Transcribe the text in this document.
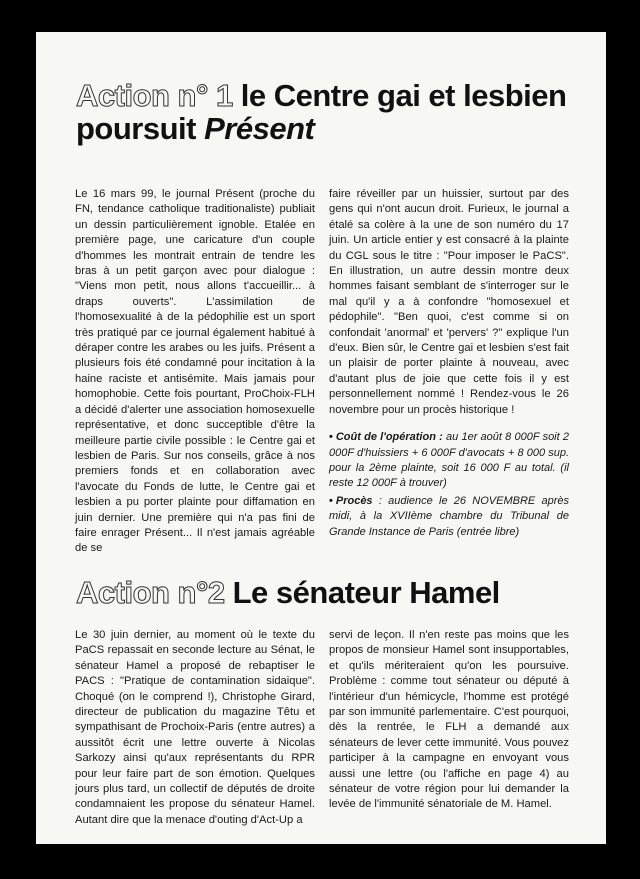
Action n° 1 le Centre gai et lesbien
poursuit Présent

Le 16 mars 99, le journal Présent (proche du FN, tendance catholique traditionaliste) publiait un dessin particulièrement ignoble. Etalée en première page, une caricature d'un couple d'hommes les montrait entrain de tendre les bras à un petit garçon avec pour dialogue : "Viens mon petit, nous allons t'accueillir... à draps ouverts". L'assimilation de l'homosexualité à de la pédophilie est un sport très pratiqué par ce journal également habitué à déraper contre les arabes ou les juifs. Présent a plusieurs fois été condamné pour incitation à la haine raciste et antisémite. Mais jamais pour homophobie. Cette fois pourtant, ProChoix-FLH a décidé d'alerter une association homosexuelle représentative, et donc succeptible d'être la meilleure partie civile possible : le Centre gai et lesbien de Paris. Sur nos conseils, grâce à nos premiers fonds et en collaboration avec l'avocate du Fonds de lutte, le Centre gai et lesbien a pu porter plainte pour diffamation en juin dernier. Une première qui n'a pas fini de faire enrager Présent... Il n'est jamais agréable de se

faire réveiller par un huissier, surtout par des gens qui n'ont aucun droit. Furieux, le journal a étalé sa colère à la une de son numéro du 17 juin. Un article entier y est consacré à la plainte du CGL sous le titre : "Pour imposer le PaCS". En illustration, un autre dessin montre deux hommes faisant semblant de s'interroger sur le mal qu'il y a à confondre "homosexuel et pédophile". "Ben quoi, c'est comme si on confondait 'anormal' et 'pervers' ?" explique l'un d'eux. Bien sûr, le Centre gai et lesbien s'est fait un plaisir de porter plainte à nouveau, avec d'autant plus de joie que cette fois il y est personnellement nommé ! Rendez-vous le 26 novembre pour un procès historique !

• Coût de l'opération : au 1er août 8 000F soit 2 000F d'huissiers + 6 000F d'avocats + 8 000 sup. pour la 2ème plainte, soit 16 000 F au total. (il reste 12 000F à trouver)
• Procès : audience le 26 NOVEMBRE après midi, à la XVIIème chambre du Tribunal de Grande Instance de Paris (entrée libre)
Action n°2 Le sénateur Hamel

Le 30 juin dernier, au moment où le texte du PaCS repassait en seconde lecture au Sénat, le sénateur Hamel a proposé de rebaptiser le PACS : "Pratique de contamination sidaique". Choqué (on le comprend !), Christophe Girard, directeur de publication du magazine Têtu et sympathisant de Prochoix-Paris (entre autres) a aussitôt écrit une lettre ouverte à Nicolas Sarkozy ainsi qu'aux représentants du RPR pour leur faire part de son émotion. Quelques jours plus tard, un collectif de députés de droite condamnaient les propose du sénateur Hamel. Autant dire que la menace d'outing d'Act-Up a

servi de leçon. Il n'en reste pas moins que les propos de monsieur Hamel sont insupportables, et qu'ils mériteraient qu'on les poursuive. Problème : comme tout sénateur ou député à l'intérieur d'un hémicycle, l'homme est protégé par son immunité parlementaire. C'est pourquoi, dès la rentrée, le FLH a demandé aux sénateurs de lever cette immunité. Vous pouvez participer à la campagne en envoyant vous aussi une lettre (ou l'affiche en page 4) au sénateur de votre région pour lui demander la levée de l'immunité sénatoriale de M. Hamel.
